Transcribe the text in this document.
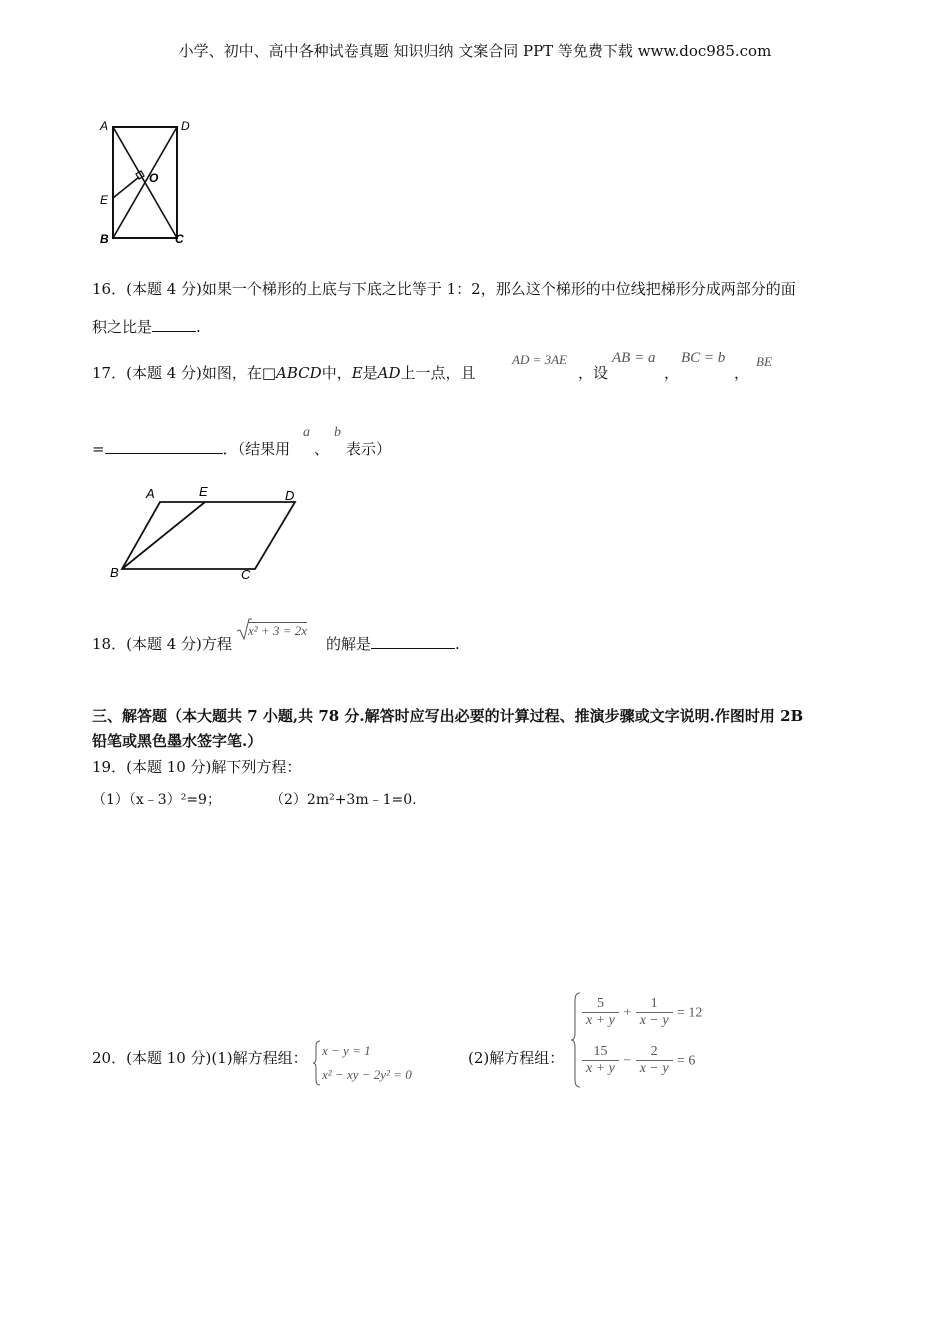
小学、初中、高中各种试卷真题 知识归纳 文案合同 PPT 等免费下载 www.doc985.com
A	D
O
E
B	C
16．(本题 4 分)如果一个梯形的上底与下底之比等于 1：2，那么这个梯形的中位线把梯形分成两部分的面
积之比是	.
17．(本题 4 分)如图，在□ABCD中，E是AD上一点，且
AD = 3AE
，设
AB = a
，
BC = b
，
BE
=	．（结果用
a
、
b
表示）
A	E	D
B	C
18．(本题 4 分)方程
x² + 3 = 2x
的解是	.
三、解答题（本大题共 7 小题,共 78 分.解答时应写出必要的计算过程、推演步骤或文字说明.作图时用 2B
铅笔或黑色墨水签字笔.）
19．(本题 10 分)解下列方程：
（1）（x﹣3）²=9；	（2）2m²+3m﹣1=0.
20．(本题 10 分)(1)解方程组： x − y = 1
x² − xy − 2y² = 0
(2)解方程组：
$\frac{5}{x + y} + \frac{1}{x - y} = 12$
$\frac{15}{x + y} - \frac{2}{x - y} = 6$
